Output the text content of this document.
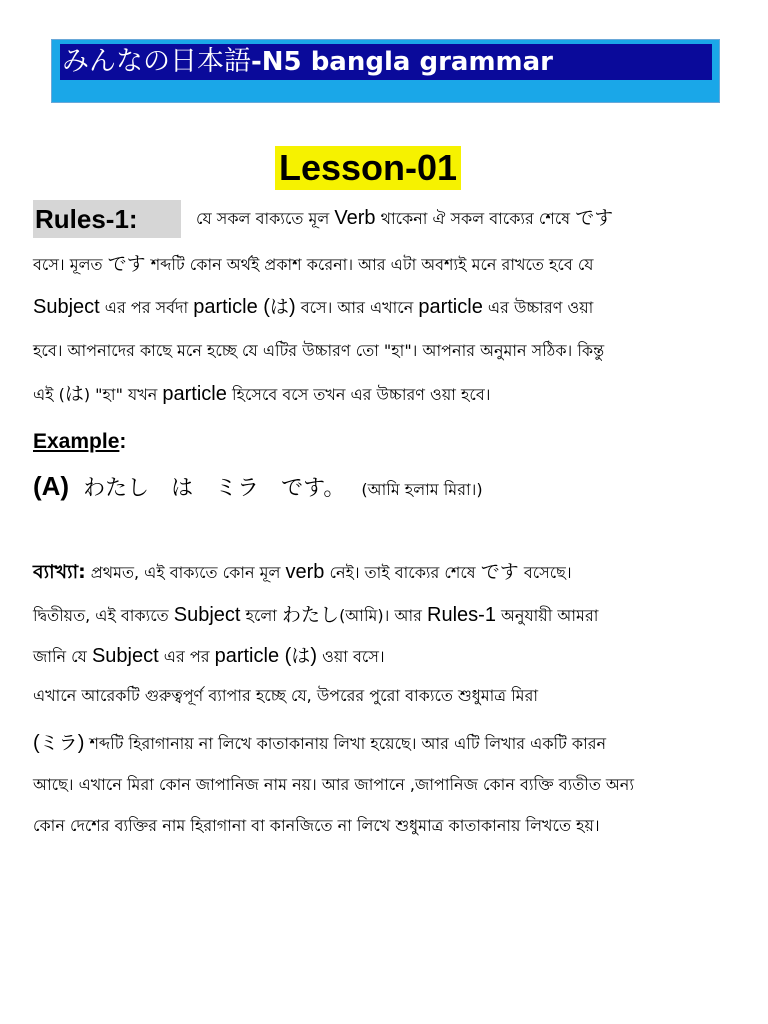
みんなの日本語-N5 bangla grammar
Lesson-01
Rules-1:	যে সকল বাক্যতে মূল Verb থাকেনা ঐ সকল বাক্যের শেষে です
বসে। মূলত です শব্দটি কোন অর্থই প্রকাশ করেনা। আর এটা অবশ্যই মনে রাখতে হবে যে
Subject এর পর সর্বদা particle (は) বসে। আর এখানে particle এর উচ্চারণ ওয়া
হবে। আপনাদের কাছে মনে হচ্ছে যে এটির উচ্চারণ তো "হা"। আপনার অনুমান সঠিক। কিন্তু
এই (は) "হা" যখন particle হিসেবে বসে তখন এর উচ্চারণ ওয়া হবে।
Example:
(A) わたし　は　ミラ　です。 (আমি হলাম মিরা।)
ব্যাখ্যা: প্রথমত, এই বাক্যতে কোন মূল verb নেই। তাই বাক্যের শেষে です বসেছে।
দ্বিতীয়ত, এই বাক্যতে Subject হলো わたし(আমি)। আর Rules-1 অনুযায়ী আমরা
জানি যে Subject এর পর particle (は) ওয়া বসে।
এখানে আরেকটি গুরুত্বপূর্ণ ব্যাপার হচ্ছে যে, উপরের পুরো বাক্যতে শুধুমাত্র মিরা
(ミラ) শব্দটি হিরাগানায় না লিখে কাতাকানায় লিখা হয়েছে। আর এটি লিখার একটি কারন
আছে। এখানে মিরা কোন জাপানিজ নাম নয়। আর জাপানে ,জাপানিজ কোন ব্যক্তি ব্যতীত অন্য
কোন দেশের ব্যক্তির নাম হিরাগানা বা কানজিতে না লিখে শুধুমাত্র কাতাকানায় লিখতে হয়।
